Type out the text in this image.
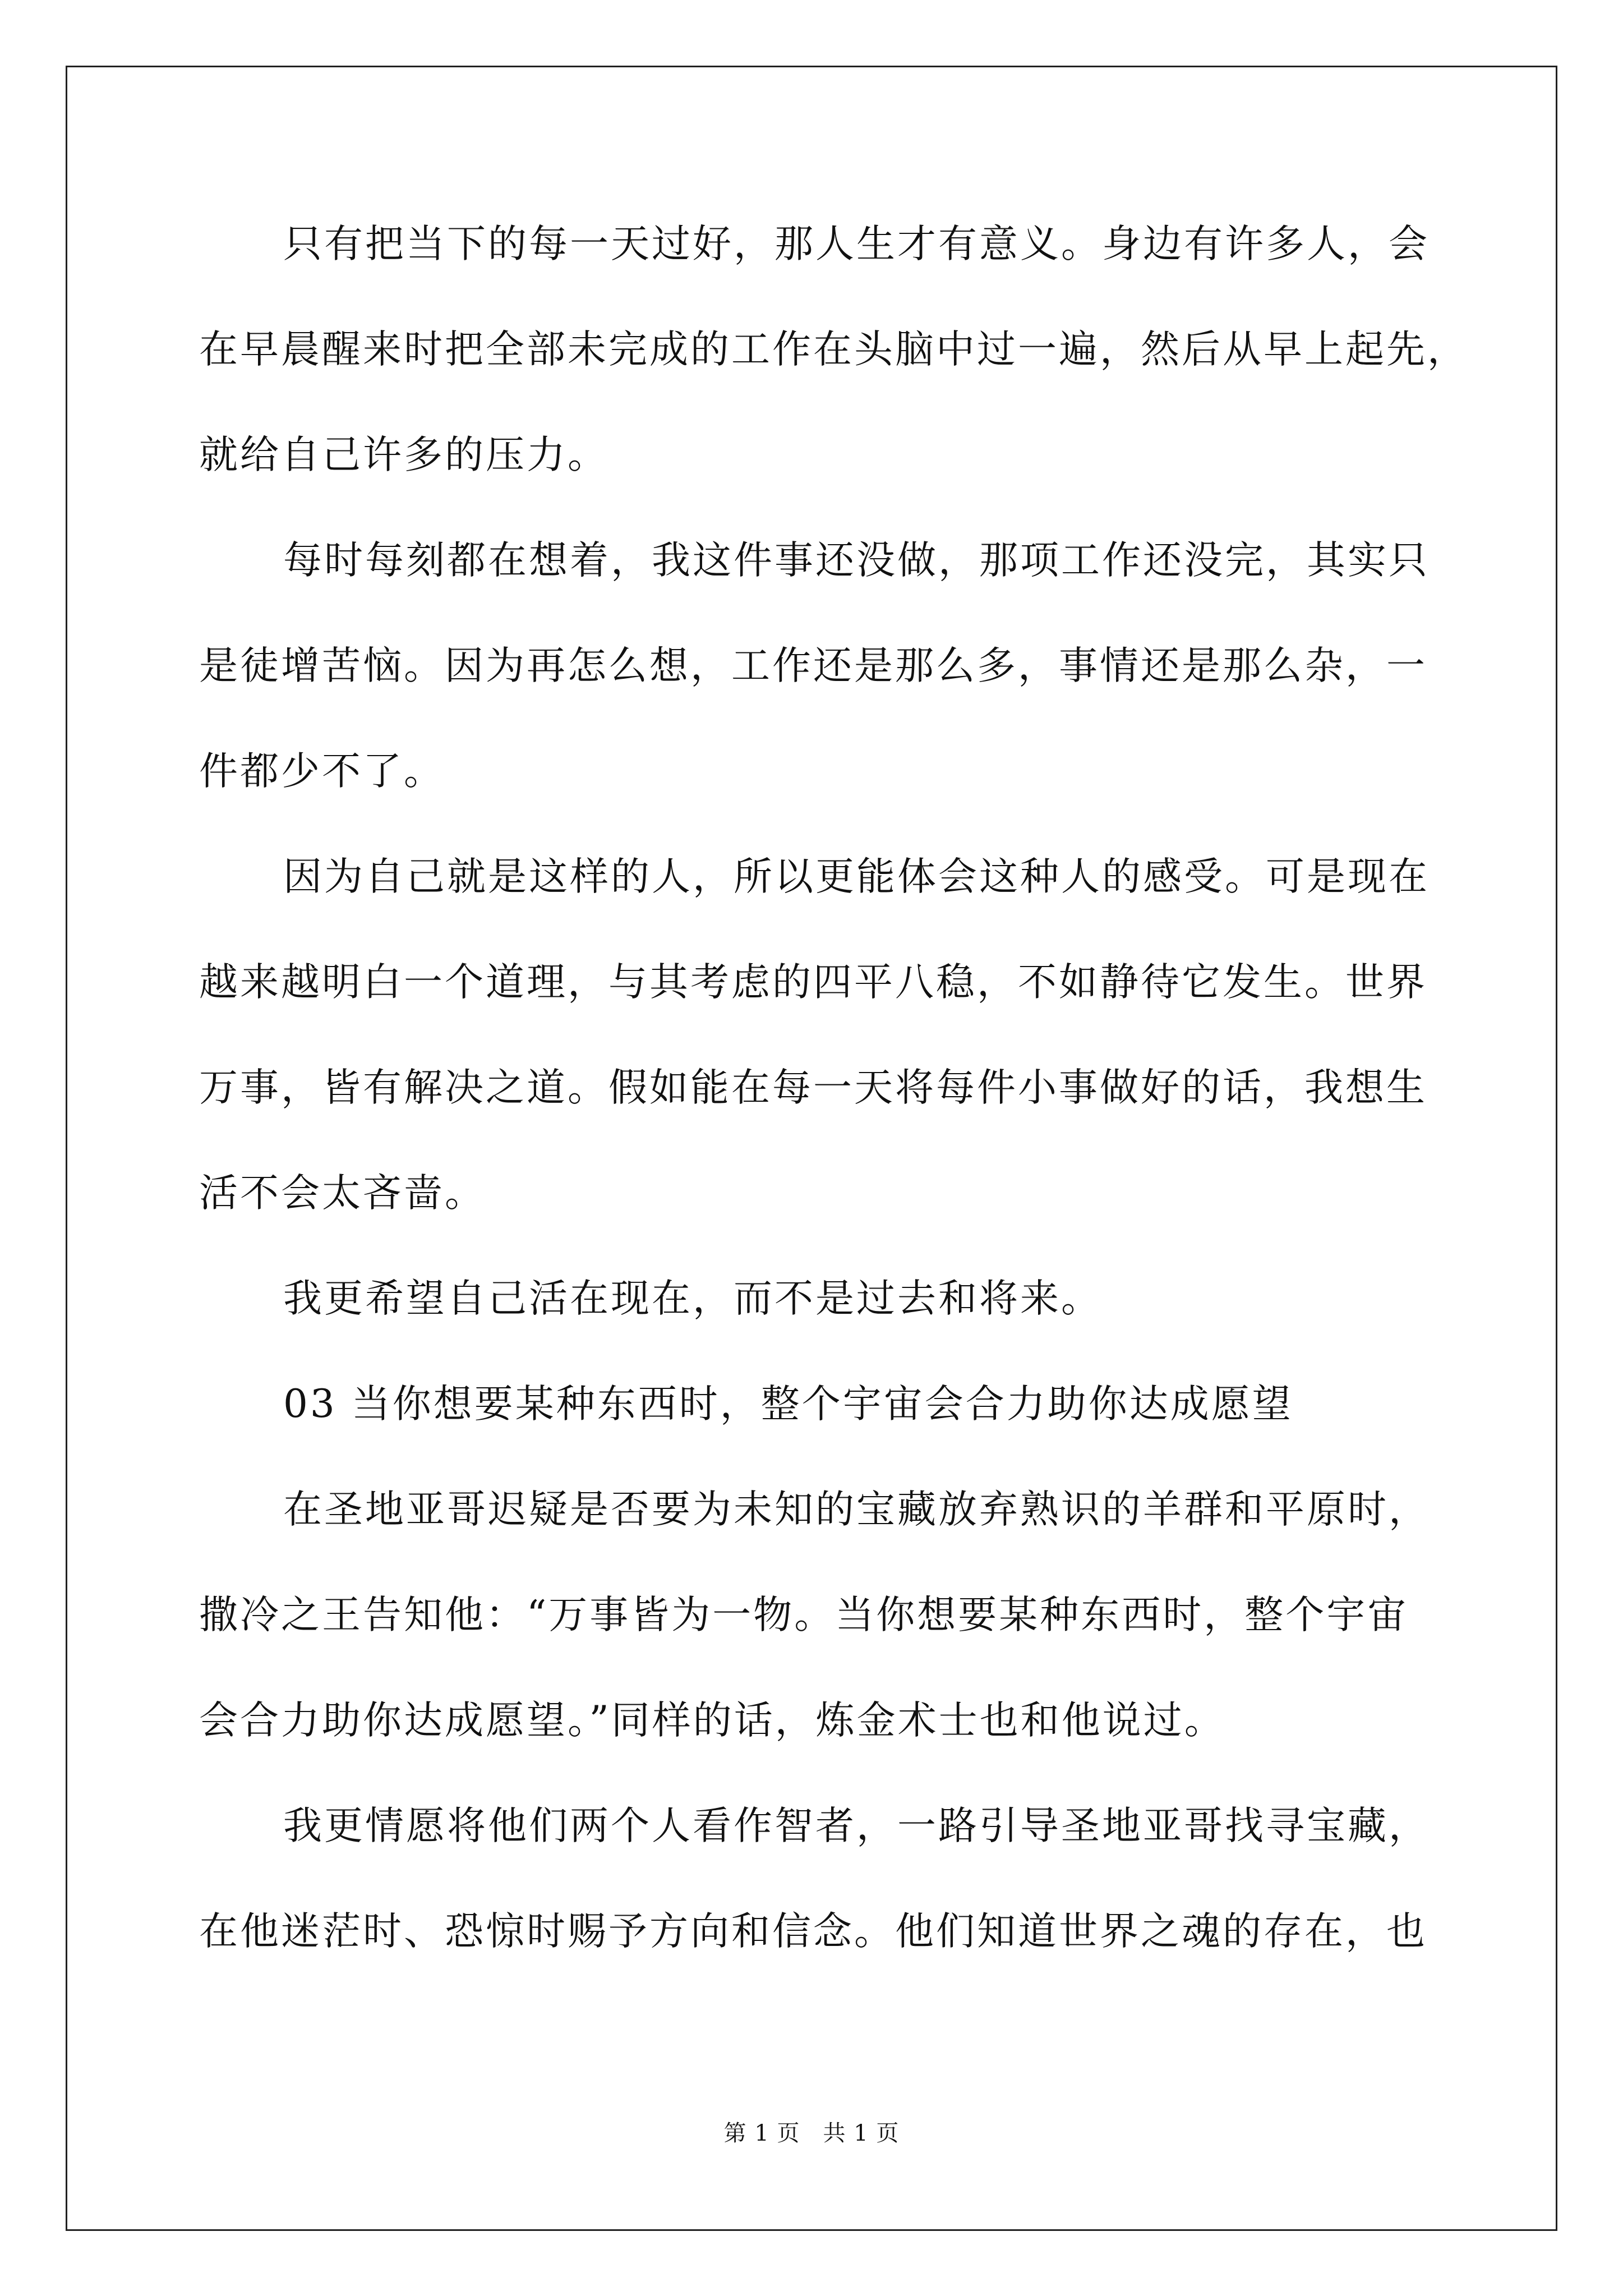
只有把当下的每一天过好，那人生才有意义。身边有许多人，会
在早晨醒来时把全部未完成的工作在头脑中过一遍，然后从早上起先，
就给自己许多的压力。
每时每刻都在想着，我这件事还没做，那项工作还没完，其实只
是徒增苦恼。因为再怎么想，工作还是那么多，事情还是那么杂，一
件都少不了。
因为自己就是这样的人，所以更能体会这种人的感受。可是现在
越来越明白一个道理，与其考虑的四平八稳，不如静待它发生。世界
万事，皆有解决之道。假如能在每一天将每件小事做好的话，我想生
活不会太吝啬。
我更希望自己活在现在，而不是过去和将来。
03 当你想要某种东西时，整个宇宙会合力助你达成愿望
在圣地亚哥迟疑是否要为未知的宝藏放弃熟识的羊群和平原时，
撒冷之王告知他：“万事皆为一物。当你想要某种东西时，整个宇宙
会合力助你达成愿望。”同样的话，炼金术士也和他说过。
我更情愿将他们两个人看作智者，一路引导圣地亚哥找寻宝藏，
在他迷茫时、恐惊时赐予方向和信念。他们知道世界之魂的存在，也
第 1 页　共 1 页
